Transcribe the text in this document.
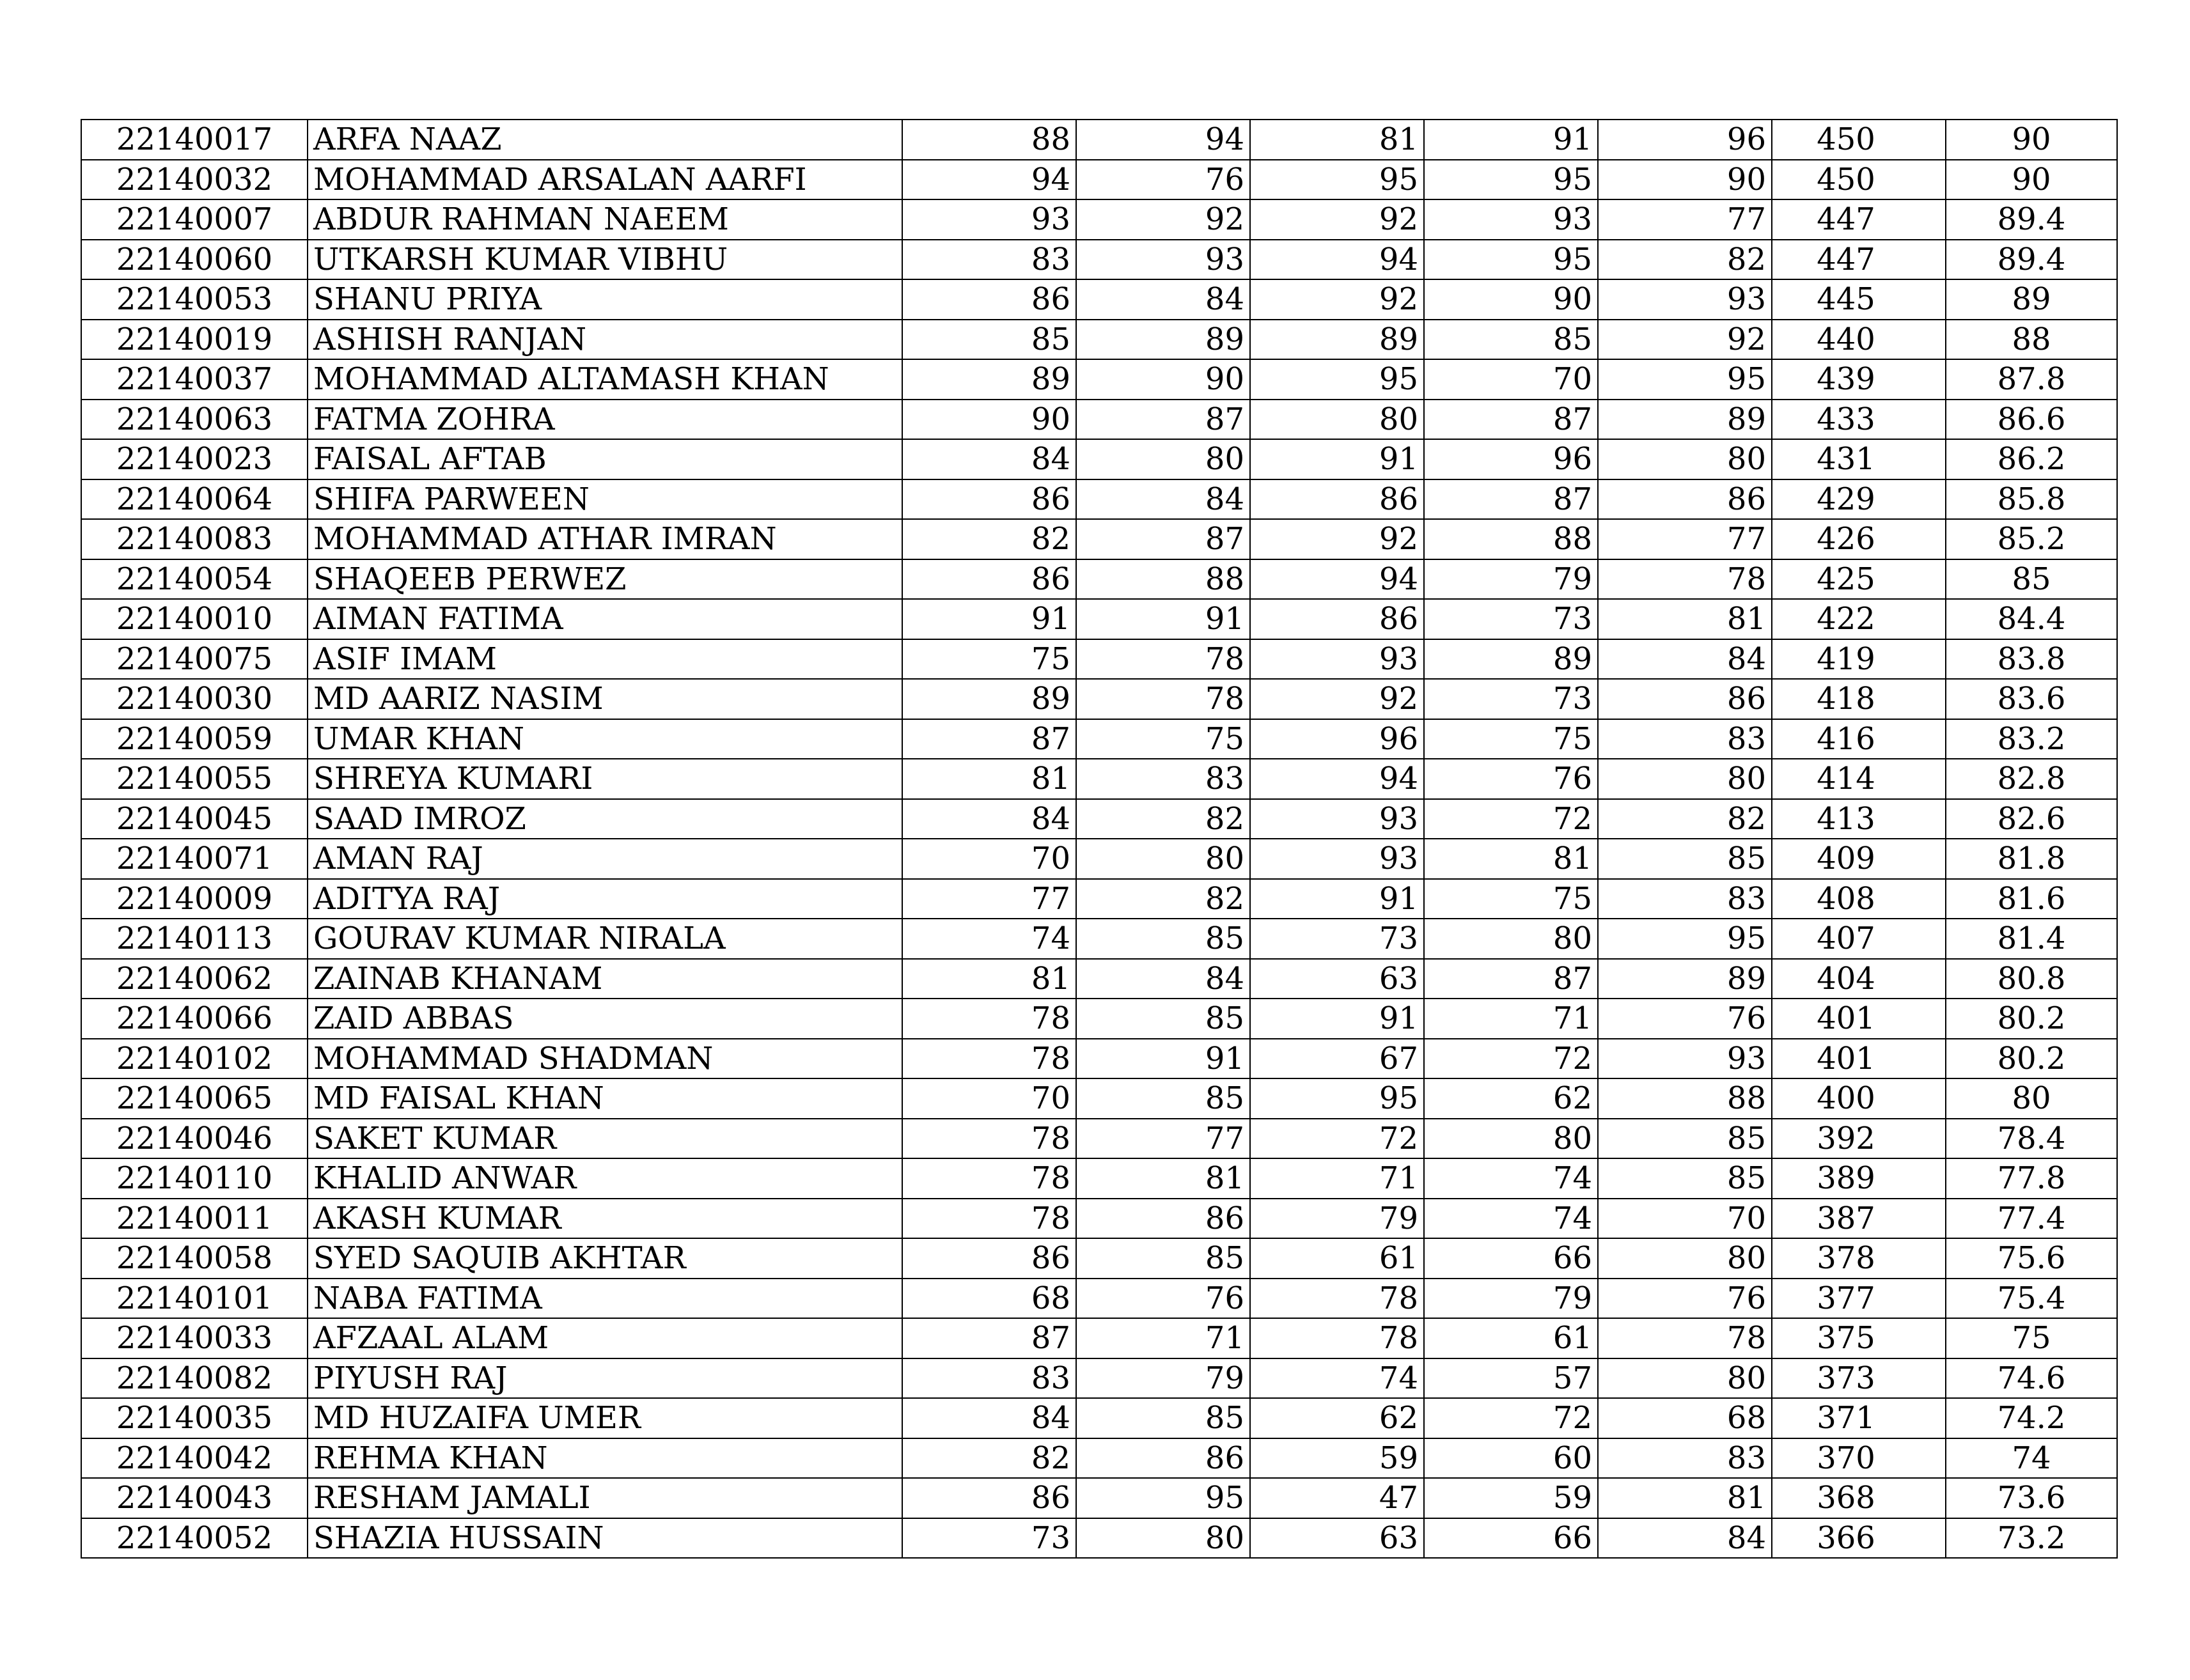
22140017	ARFA NAAZ	88	94	81	91	96	450	90
22140032	MOHAMMAD ARSALAN AARFI	94	76	95	95	90	450	90
22140007	ABDUR RAHMAN NAEEM	93	92	92	93	77	447	89.4
22140060	UTKARSH KUMAR VIBHU	83	93	94	95	82	447	89.4
22140053	SHANU PRIYA	86	84	92	90	93	445	89
22140019	ASHISH RANJAN	85	89	89	85	92	440	88
22140037	MOHAMMAD ALTAMASH KHAN	89	90	95	70	95	439	87.8
22140063	FATMA ZOHRA	90	87	80	87	89	433	86.6
22140023	FAISAL AFTAB	84	80	91	96	80	431	86.2
22140064	SHIFA PARWEEN	86	84	86	87	86	429	85.8
22140083	MOHAMMAD ATHAR IMRAN	82	87	92	88	77	426	85.2
22140054	SHAQEEB PERWEZ	86	88	94	79	78	425	85
22140010	AIMAN FATIMA	91	91	86	73	81	422	84.4
22140075	ASIF IMAM	75	78	93	89	84	419	83.8
22140030	MD AARIZ NASIM	89	78	92	73	86	418	83.6
22140059	UMAR KHAN	87	75	96	75	83	416	83.2
22140055	SHREYA KUMARI	81	83	94	76	80	414	82.8
22140045	SAAD IMROZ	84	82	93	72	82	413	82.6
22140071	AMAN RAJ	70	80	93	81	85	409	81.8
22140009	ADITYA RAJ	77	82	91	75	83	408	81.6
22140113	GOURAV KUMAR NIRALA	74	85	73	80	95	407	81.4
22140062	ZAINAB KHANAM	81	84	63	87	89	404	80.8
22140066	ZAID ABBAS	78	85	91	71	76	401	80.2
22140102	MOHAMMAD SHADMAN	78	91	67	72	93	401	80.2
22140065	MD FAISAL KHAN	70	85	95	62	88	400	80
22140046	SAKET KUMAR	78	77	72	80	85	392	78.4
22140110	KHALID ANWAR	78	81	71	74	85	389	77.8
22140011	AKASH KUMAR	78	86	79	74	70	387	77.4
22140058	SYED SAQUIB AKHTAR	86	85	61	66	80	378	75.6
22140101	NABA FATIMA	68	76	78	79	76	377	75.4
22140033	AFZAAL ALAM	87	71	78	61	78	375	75
22140082	PIYUSH RAJ	83	79	74	57	80	373	74.6
22140035	MD HUZAIFA UMER	84	85	62	72	68	371	74.2
22140042	REHMA KHAN	82	86	59	60	83	370	74
22140043	RESHAM JAMALI	86	95	47	59	81	368	73.6
22140052	SHAZIA HUSSAIN	73	80	63	66	84	366	73.2
